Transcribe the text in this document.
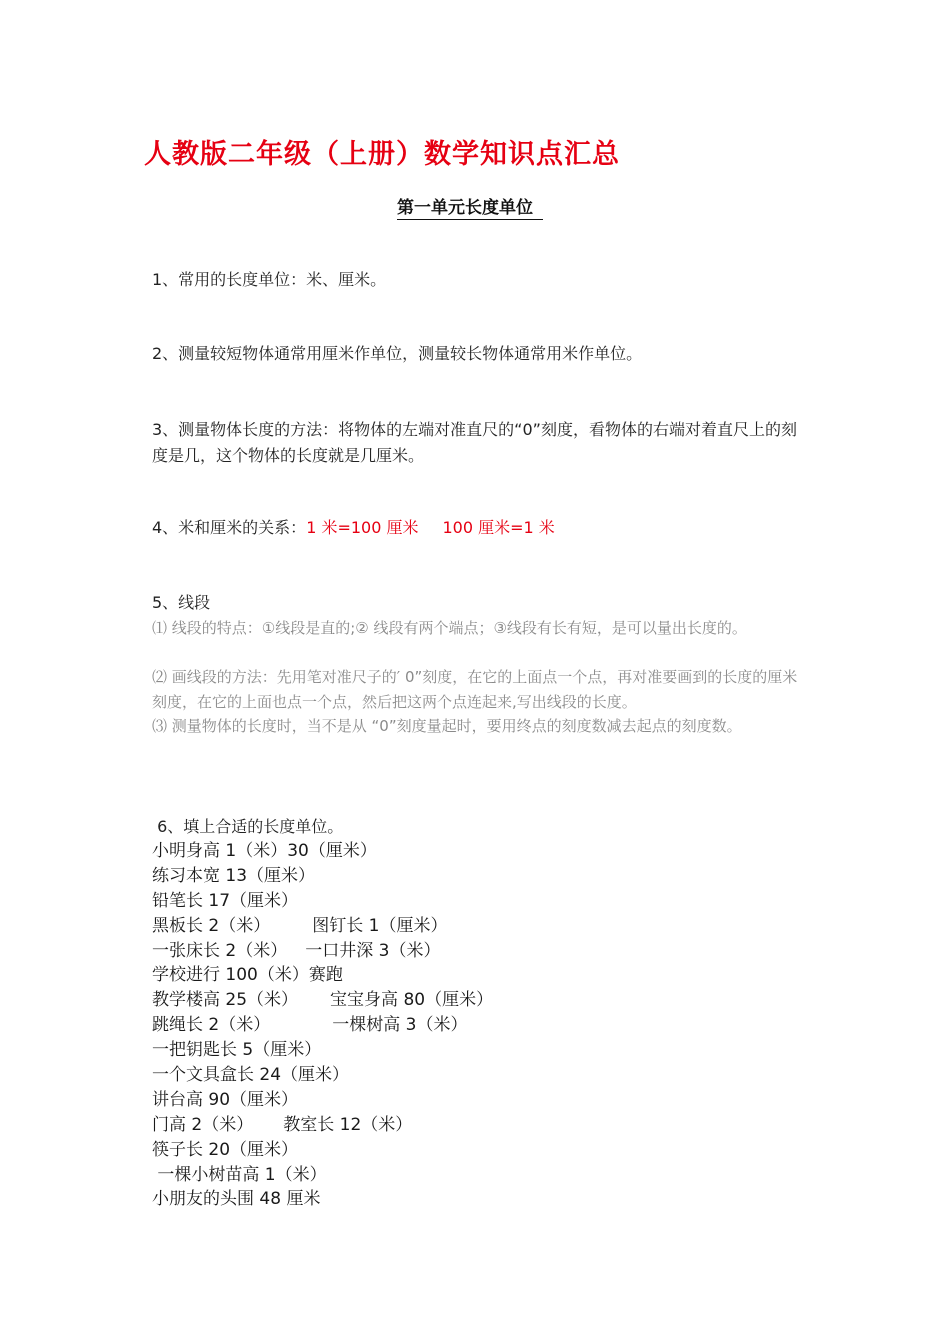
人教版二年级（上册）数学知识点汇总
第一单元长度单位
1、常用的长度单位：米、厘米。
2、测量较短物体通常用厘米作单位，测量较长物体通常用米作单位。
3、测量物体长度的方法：将物体的左端对准直尺的“0”刻度，看物体的右端对着直尺上的刻度是几，这个物体的长度就是几厘米。
4、米和厘米的关系：1 米=100 厘米 100 厘米=1 米
5、线段
⑴ 线段的特点：①线段是直的;② 线段有两个端点；③线段有长有短，是可以量出长度的。
⑵ 画线段的方法：先用笔对准尺子的′ 0”刻度，在它的上面点一个点，再对准要画到的长度的厘米刻度，在它的上面也点一个点，然后把这两个点连起来,写出线段的长度。
⑶ 测量物体的长度时，当不是从 “0”刻度量起时，要用终点的刻度数减去起点的刻度数。
6、填上合适的长度单位。
小明身高 1（米）30（厘米）
练习本宽 13（厘米）
铅笔长 17（厘米）
黑板长 2（米） 图钉长 1（厘米）
一张床长 2（米） 一口井深 3（米）
学校进行 100（米）赛跑
教学楼高 25（米） 宝宝身高 80（厘米）
跳绳长 2（米）	一棵树高 3（米）
一把钥匙长 5（厘米）
一个文具盒长 24（厘米）
讲台高 90（厘米）
门高 2（米） 教室长 12（米）
筷子长 20（厘米）
一棵小树苗高 1（米）
小朋友的头围 48 厘米
